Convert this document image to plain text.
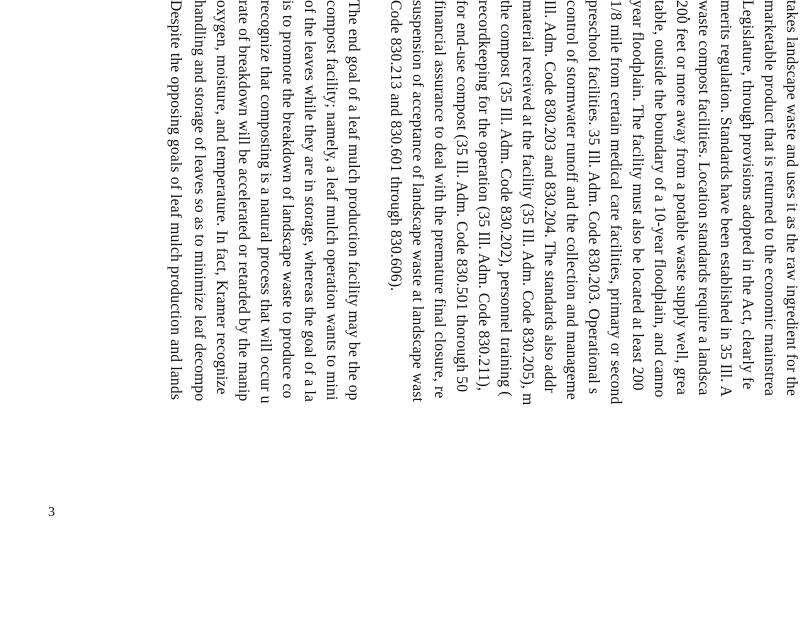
takes landscape waste and uses it as the raw ingredient for the
marketable product that is returned to the economic mainstrea
Legislature, through provisions adopted in the Act, clearly fe
merits regulation. Standards have been established in 35 Ill. A
waste compost facilities. Location standards require a landsca
200 feet or more away from a potable waste supply well, grea
table, outside the boundary of a 10-year floodplain, and canno
year floodplain. The facility must also be located at least 200
1/8 mile from certain medical care facilities, primary or second
preschool facilities. 35 Ill. Adm. Code 830.203. Operational s
control of stormwater runoff and the collection and manageme
Ill. Adm. Code 830.203 and 830.204. The standards also addr
material received at the facility (35 Ill. Adm. Code 830.205), m
the compost (35 Ill. Adm. Code 830.202), personnel training (
recordkeeping for the operation (35 Ill. Adm. Code 830.211),
for end-use compost (35 Ill. Adm. Code 830.501 thorough 50
financial assurance to deal with the premature final closure, re
suspension of acceptance of landscape waste at landscape wast
Code 830.213 and 830.601 through 830.606).
The end goal of a leaf mulch production facility may be the op
compost facility; namely, a leaf mulch operation wants to mini
of the leaves while they are in storage, whereas the goal of a la
is to promote the breakdown of landscape waste to produce co
recognize that composting is a natural process that will occur u
rate of breakdown will be accelerated or retarded by the manip
oxygen, moisture, and temperature. In fact, Kramer recognize
handling and storage of leaves so as to minimize leaf decompo
Despite the opposing goals of leaf mulch production and lands
3
